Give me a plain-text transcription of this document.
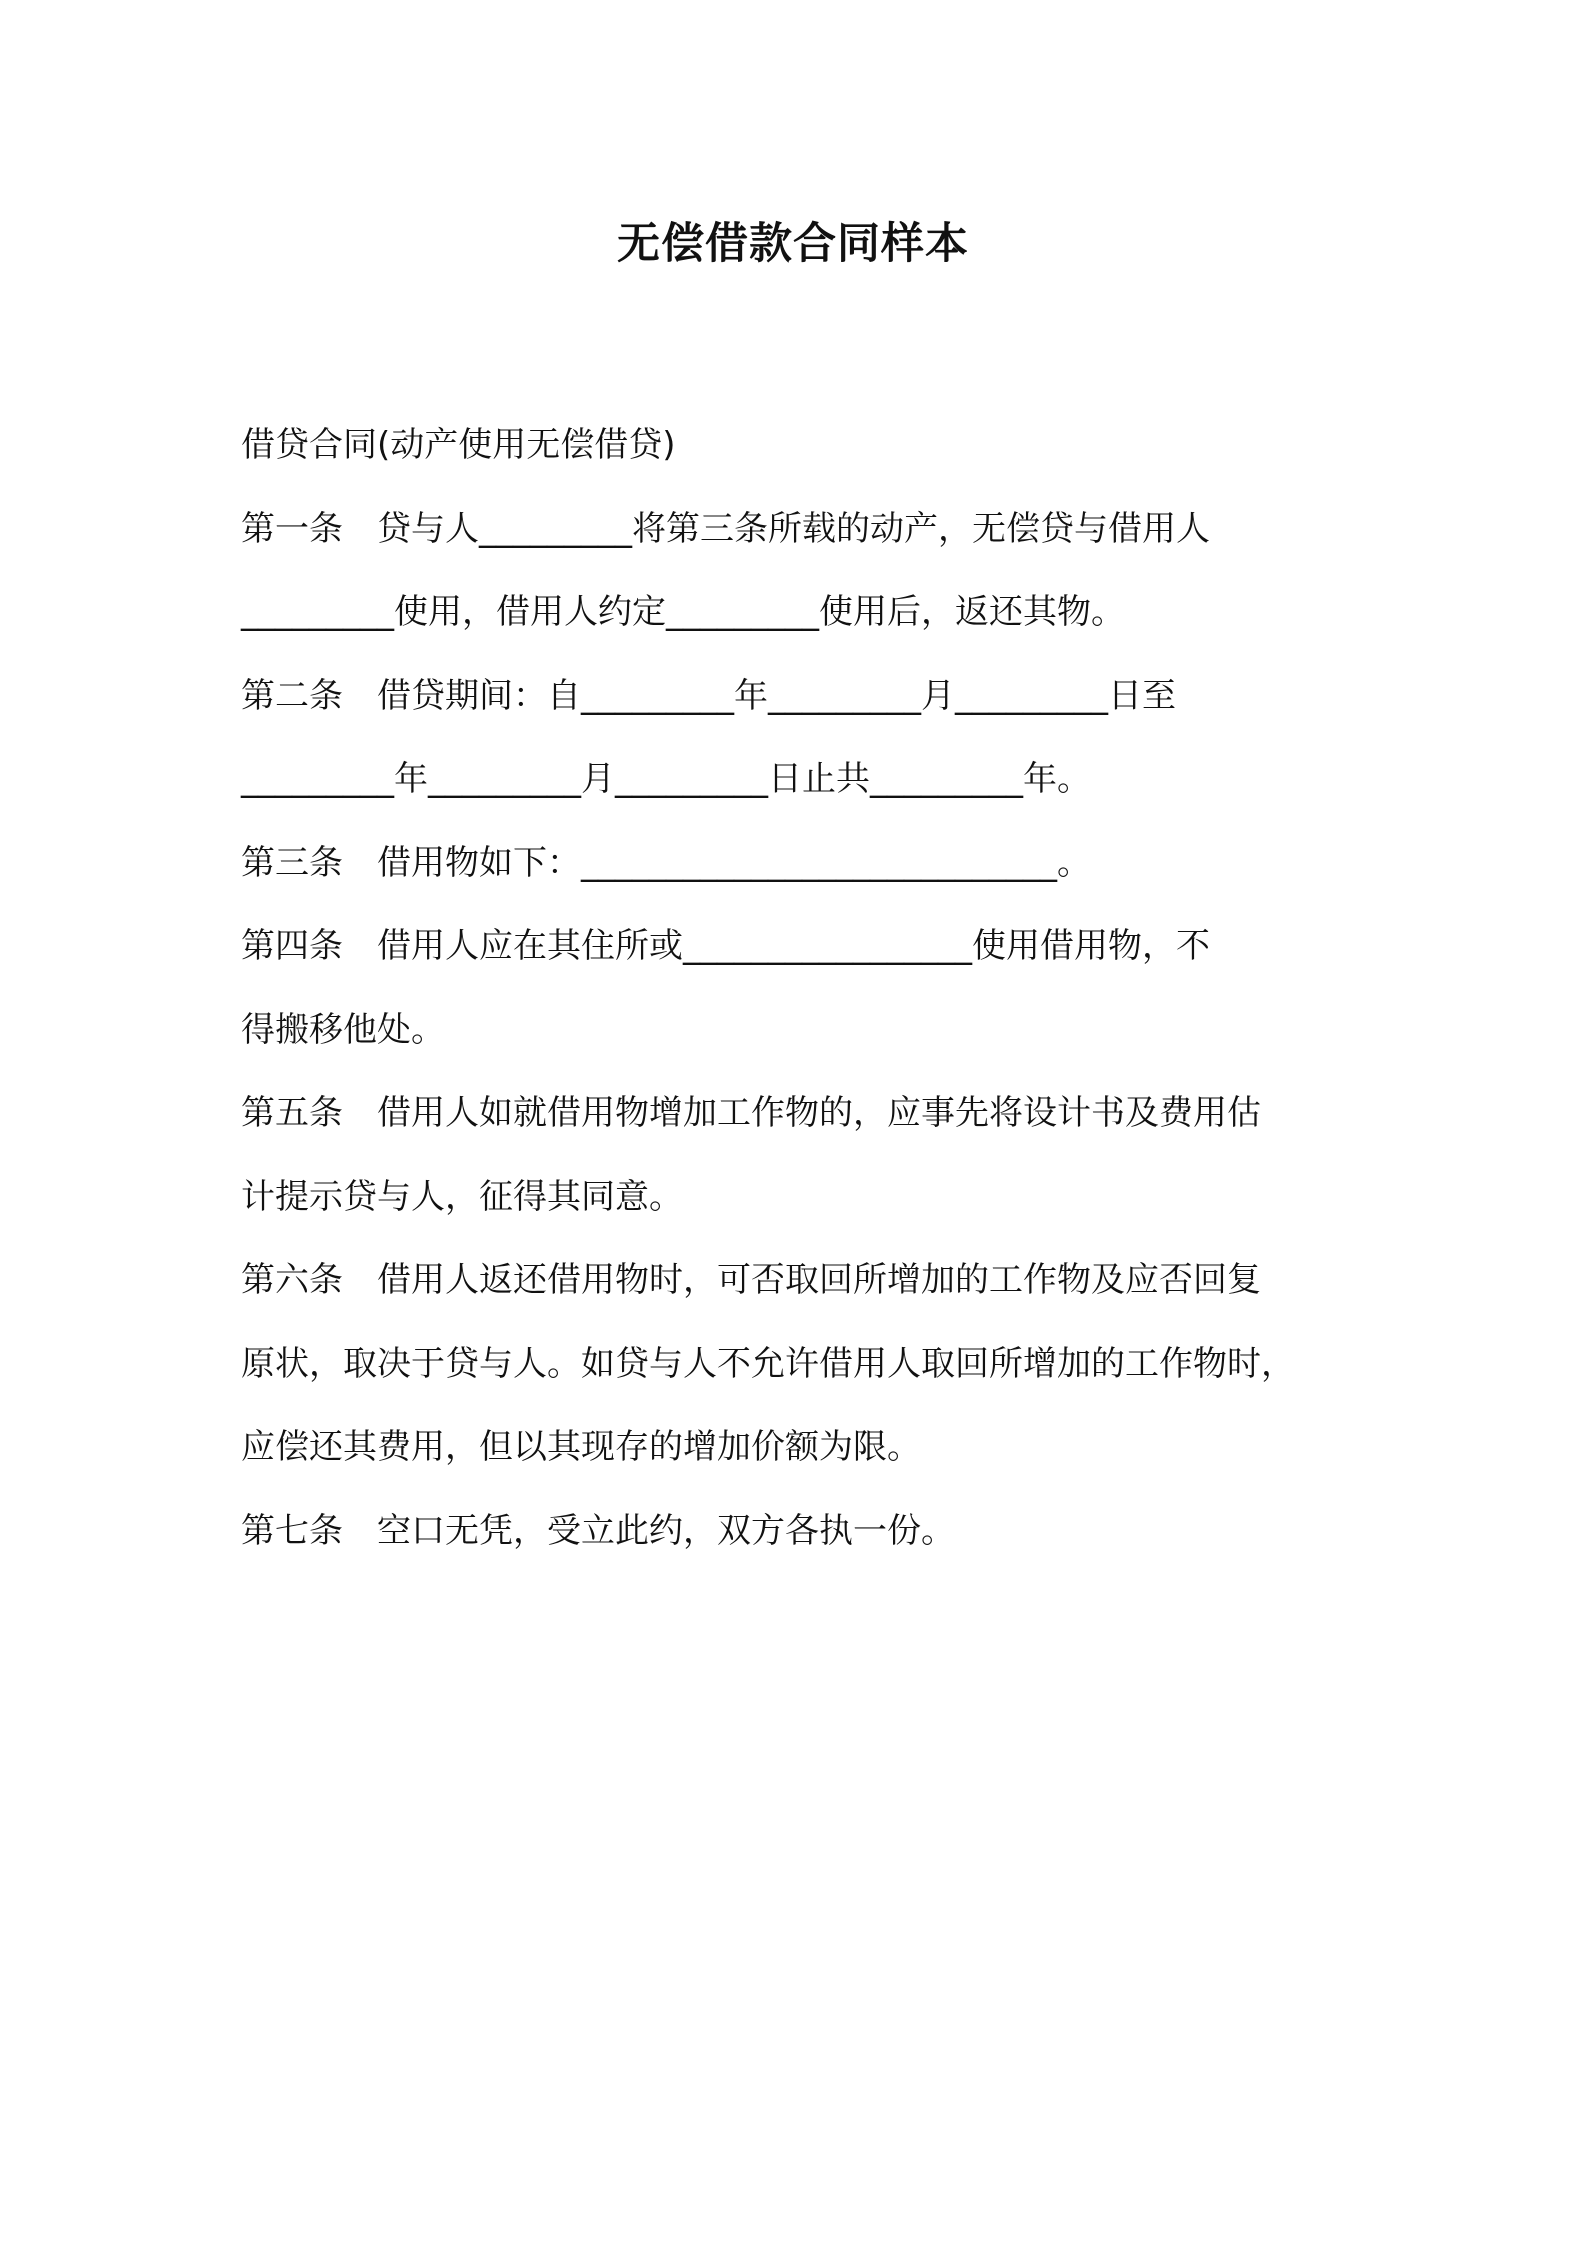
无偿借款合同样本
借贷合同(动产使用无偿借贷)
第一条 贷与人_________将第三条所载的动产，无偿贷与借用人
_________使用，借用人约定_________使用后，返还其物。
第二条 借贷期间：自_________年_________月_________日至
_________年_________月_________日止共_________年。
第三条 借用物如下：____________________________。
第四条 借用人应在其住所或_________________使用借用物，不
得搬移他处。
第五条 借用人如就借用物增加工作物的，应事先将设计书及费用估
计提示贷与人，征得其同意。
第六条 借用人返还借用物时，可否取回所增加的工作物及应否回复
原状，取决于贷与人。如贷与人不允许借用人取回所增加的工作物时，
应偿还其费用，但以其现存的增加价额为限。
第七条 空口无凭，受立此约，双方各执一份。
